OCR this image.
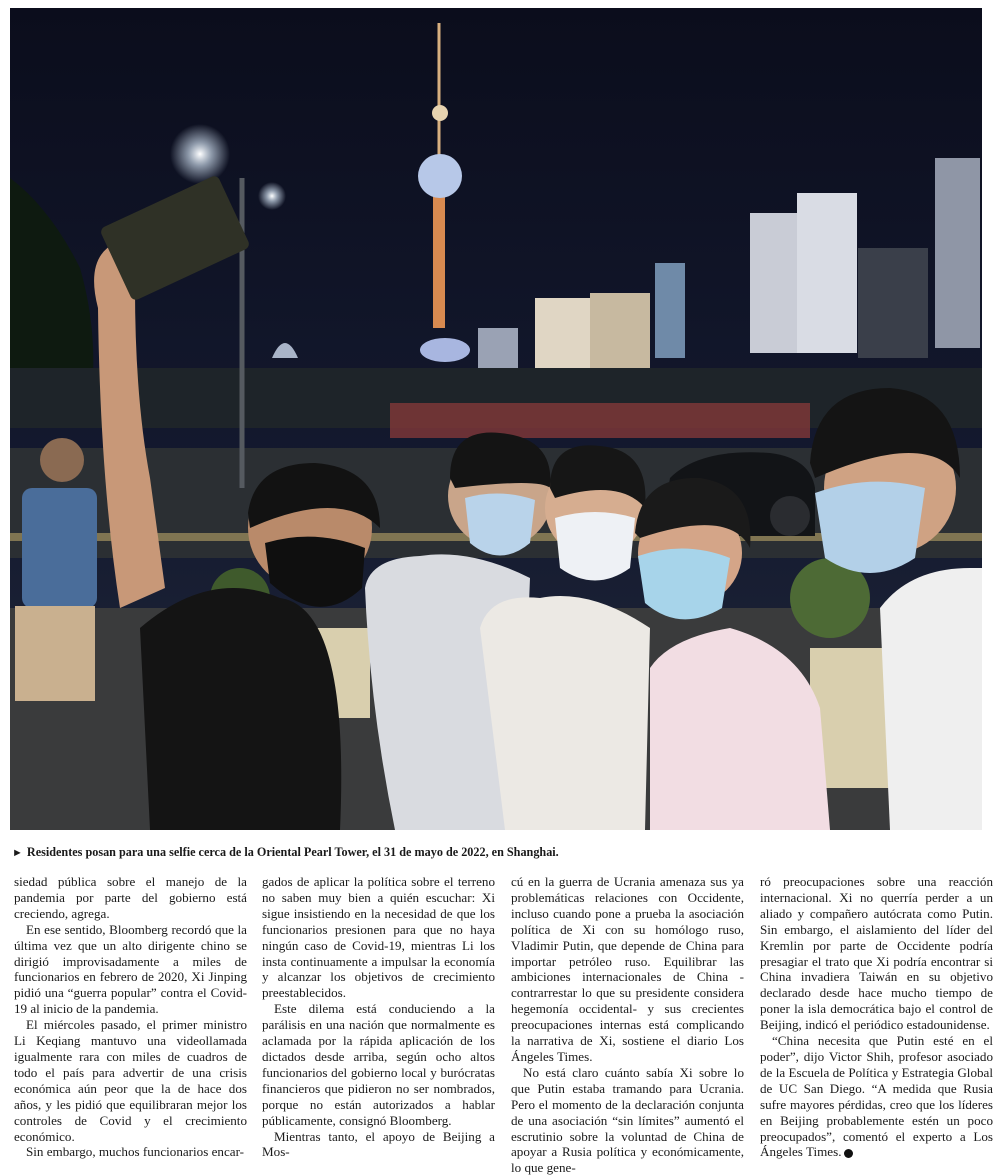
► Residentes posan para una selfie cerca de la Oriental Pearl Tower, el 31 de mayo de 2022, en Shanghai.

siedad pública sobre el manejo de la pandemia por parte del gobierno está creciendo, agrega.

En ese sentido, Bloomberg recordó que la última vez que un alto dirigente chino se dirigió improvisadamente a miles de funcionarios en febrero de 2020, Xi Jinping pidió una “guerra popular” contra el Covid-19 al inicio de la pandemia.

El miércoles pasado, el primer ministro Li Keqiang mantuvo una videollamada igualmente rara con miles de cuadros de todo el país para advertir de una crisis económica aún peor que la de hace dos años, y les pidió que equilibraran mejor los controles de Covid y el crecimiento económico.

Sin embargo, muchos funcionarios encar-

gados de aplicar la política sobre el terreno no saben muy bien a quién escuchar: Xi sigue insistiendo en la necesidad de que los funcionarios presionen para que no haya ningún caso de Covid-19, mientras Li los insta continuamente a impulsar la economía y alcanzar los objetivos de crecimiento preestablecidos.

Este dilema está conduciendo a la parálisis en una nación que normalmente es aclamada por la rápida aplicación de los dictados desde arriba, según ocho altos funcionarios del gobierno local y burócratas financieros que pidieron no ser nombrados, porque no están autorizados a hablar públicamente, consignó Bloomberg.

Mientras tanto, el apoyo de Beijing a Mos-

cú en la guerra de Ucrania amenaza sus ya problemáticas relaciones con Occidente, incluso cuando pone a prueba la asociación política de Xi con su homólogo ruso, Vladimir Putin, que depende de China para importar petróleo ruso. Equilibrar las ambiciones internacionales de China -contrarrestar lo que su presidente considera hegemonía occidental- y sus crecientes preocupaciones internas está complicando la narrativa de Xi, sostiene el diario Los Ángeles Times.

No está claro cuánto sabía Xi sobre lo que Putin estaba tramando para Ucrania. Pero el momento de la declaración conjunta de una asociación “sin límites” aumentó el escrutinio sobre la voluntad de China de apoyar a Rusia política y económicamente, lo que gene-

ró preocupaciones sobre una reacción internacional. Xi no querría perder a un aliado y compañero autócrata como Putin. Sin embargo, el aislamiento del líder del Kremlin por parte de Occidente podría presagiar el trato que Xi podría encontrar si China invadiera Taiwán en su objetivo declarado desde hace mucho tiempo de poner la isla democrática bajo el control de Beijing, indicó el periódico estadounidense.

“China necesita que Putin esté en el poder”, dijo Victor Shih, profesor asociado de la Escuela de Política y Estrategia Global de UC San Diego. “A medida que Rusia sufre mayores pérdidas, creo que los líderes en Beijing probablemente estén un poco preocupados”, comentó el experto a Los Ángeles Times.
